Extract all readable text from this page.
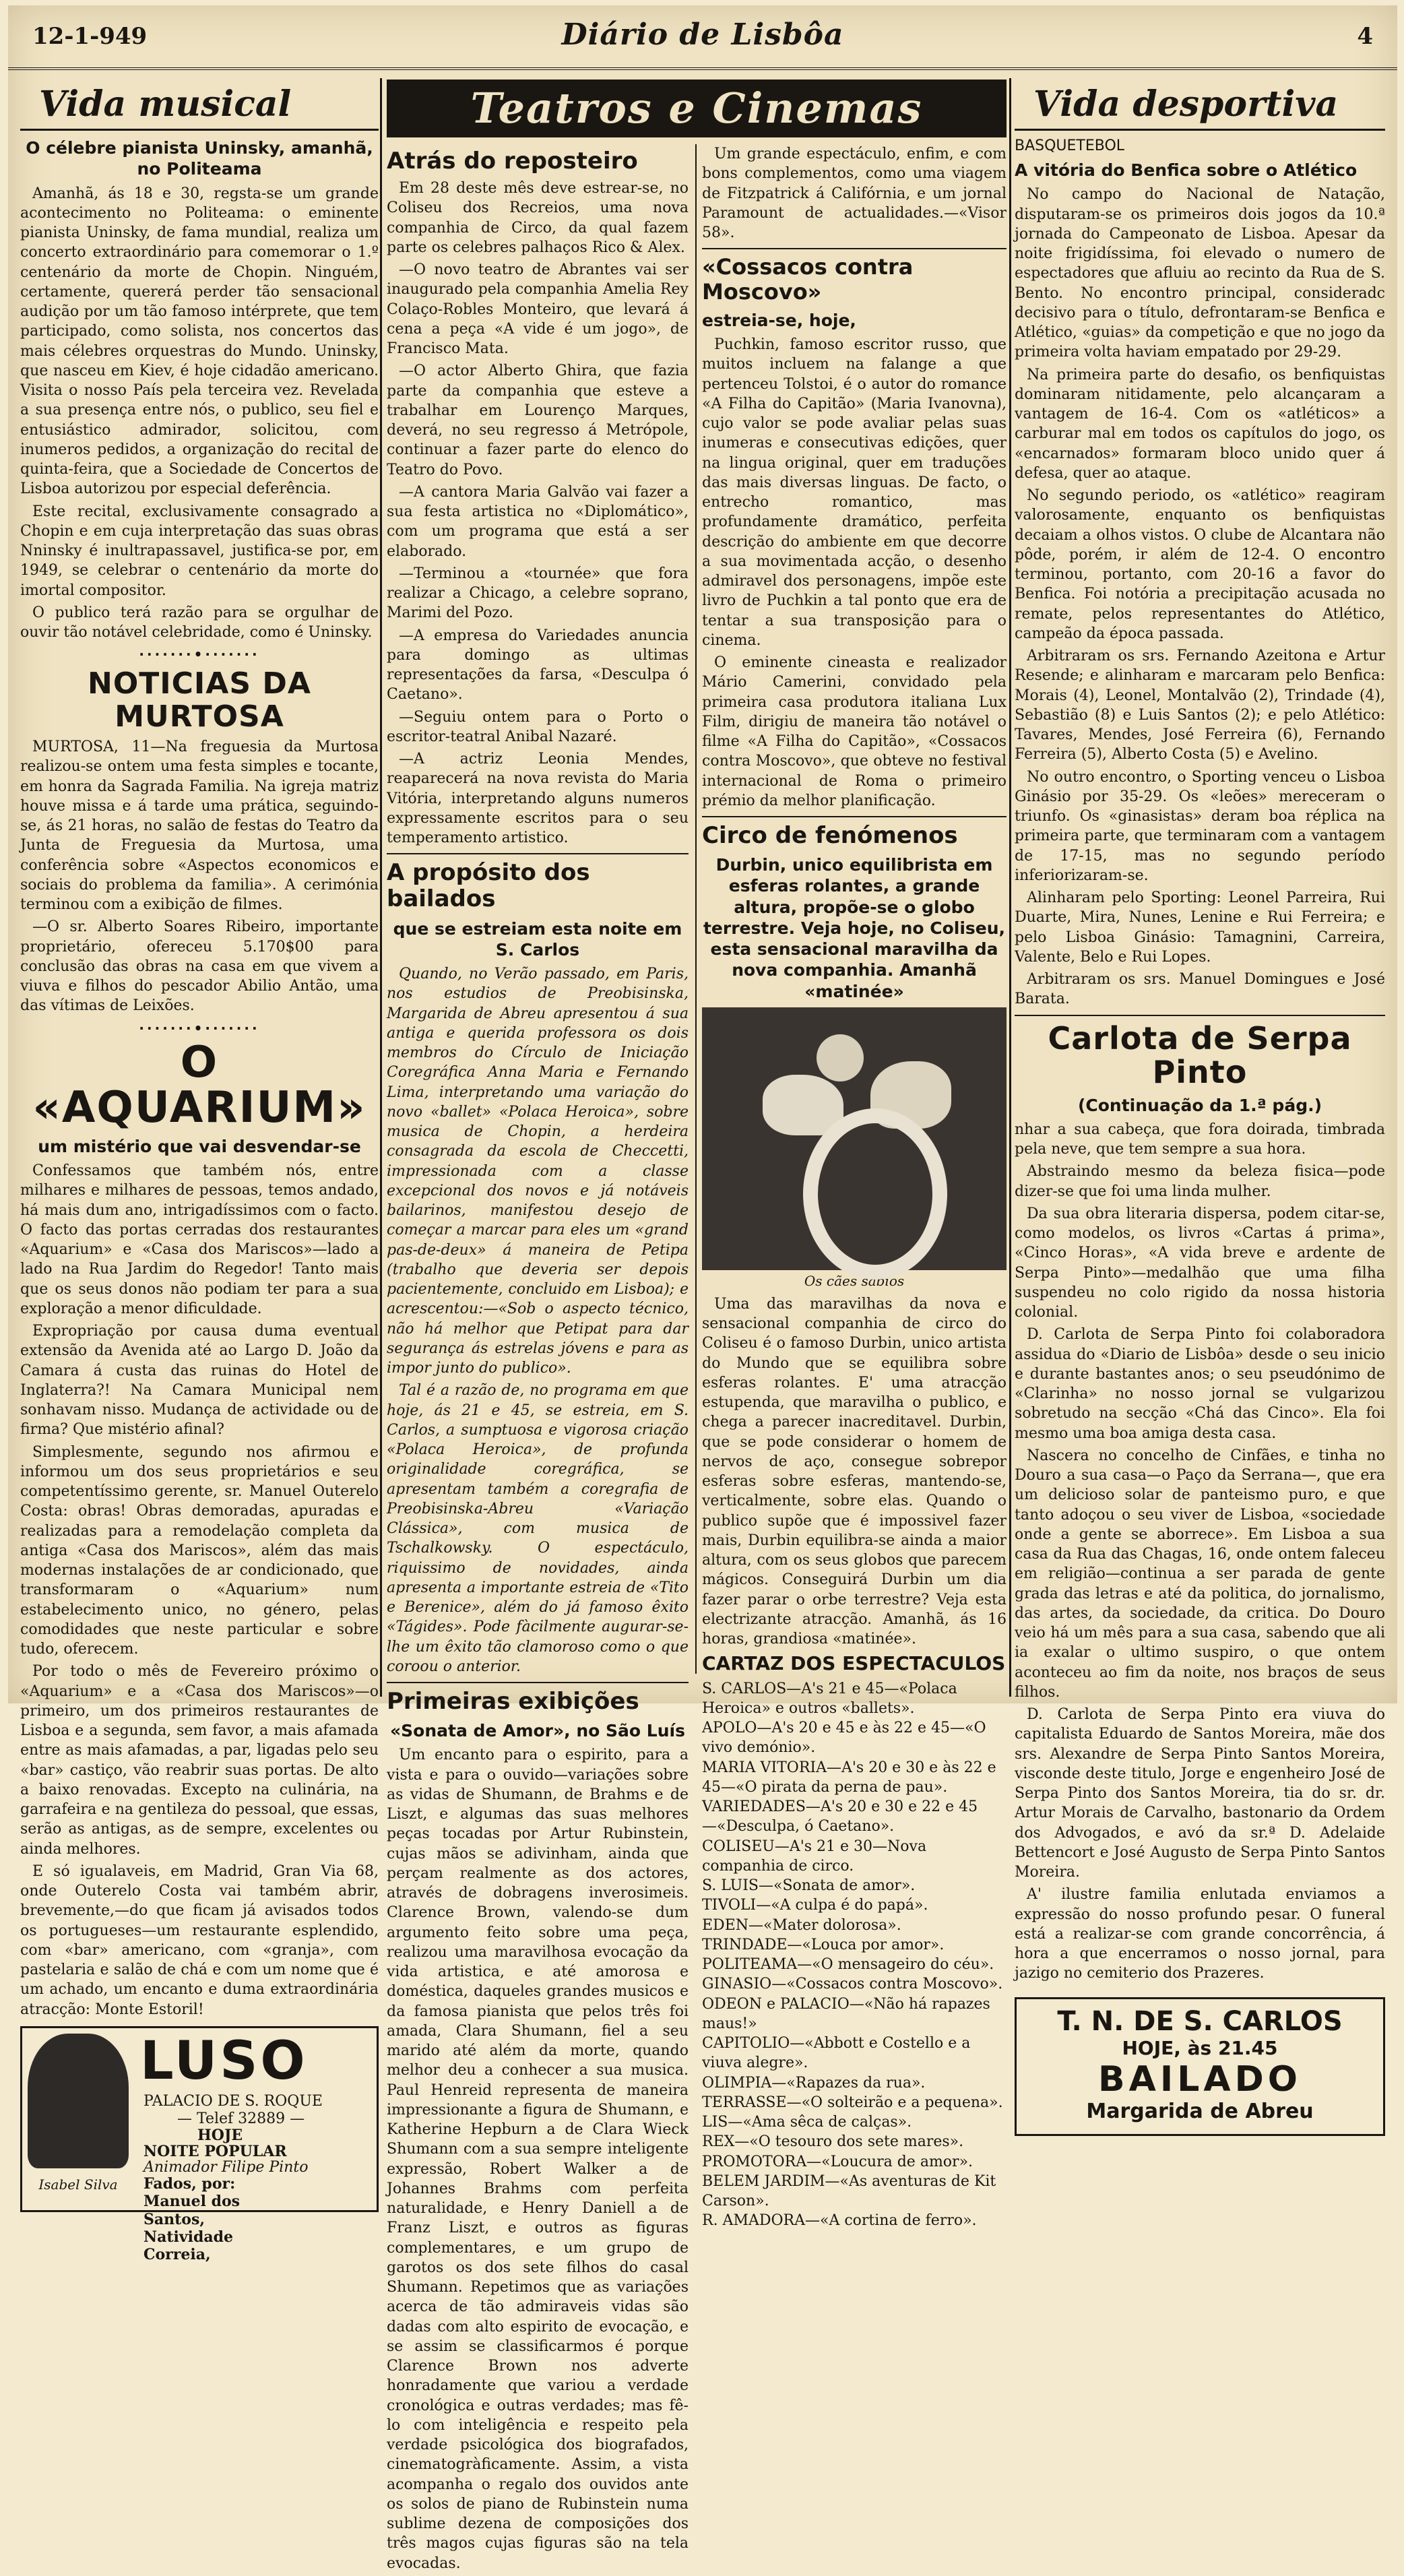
12-1-949	Diário de Lisbôa	4
Vida musical
O célebre pianista Uninsky, amanhã, no Politeama

Amanhã, ás 18 e 30, regsta-se um grande acontecimento no Politeama: o eminente pianista Uninsky, de fama mundial, realiza um concerto extraordinário para comemorar o 1.º centenário da morte de Chopin. Ninguém, certamente, quererá perder tão sensacional audição por um tão famoso intérprete, que tem participado, como solista, nos concertos das mais célebres orquestras do Mundo. Uninsky, que nasceu em Kiev, é hoje cidadão americano. Visita o nosso País pela terceira vez. Revelada a sua presença entre nós, o publico, seu fiel e entusiástico admirador, solicitou, com inumeros pedidos, a organização do recital de quinta-feira, que a Sociedade de Concertos de Lisboa autorizou por especial deferência.

Este recital, exclusivamente consagrado a Chopin e em cuja interpretação das suas obras Nninsky é inultrapassavel, justifica-se por, em 1949, se celebrar o centenário da morte do imortal compositor.

O publico terá razão para se orgulhar de ouvir tão notável celebridade, como é Uninsky.

·······•·······
NOTICIAS DA MURTOSA

MURTOSA, 11—Na freguesia da Murtosa realizou-se ontem uma festa simples e tocante, em honra da Sagrada Familia. Na igreja matriz houve missa e á tarde uma prática, seguindo-se, ás 21 horas, no salão de festas do Teatro da Junta de Freguesia da Murtosa, uma conferência sobre «Aspectos economicos e sociais do problema da familia». A cerimónia terminou com a exibição de filmes.

—O sr. Alberto Soares Ribeiro, importante proprietário, ofereceu 5.170$00 para conclusão das obras na casa em que vivem a viuva e filhos do pescador Abilio Antão, uma das vítimas de Leixões.

·······•·······
O «AQUARIUM»
um mistério que vai desvendar-se

Confessamos que também nós, entre milhares e milhares de pessoas, temos andado, há mais dum ano, intrigadíssimos com o facto. O facto das portas cerradas dos restaurantes «Aquarium» e «Casa dos Mariscos»—lado a lado na Rua Jardim do Regedor! Tanto mais que os seus donos não podiam ter para a sua exploração a menor dificuldade.

Expropriação por causa duma eventual extensão da Avenida até ao Largo D. João da Camara á custa das ruinas do Hotel de Inglaterra?! Na Camara Municipal nem sonhavam nisso. Mudança de actividade ou de firma? Que mistério afinal?

Simplesmente, segundo nos afirmou e informou um dos seus proprietários e seu competentíssimo gerente, sr. Manuel Outerelo Costa: obras! Obras demoradas, apuradas e realizadas para a remodelação completa da antiga «Casa dos Mariscos», além das mais modernas instalações de ar condicionado, que transformaram o «Aquarium» num estabelecimento unico, no género, pelas comodidades que neste particular e sobre tudo, oferecem.

Por todo o mês de Fevereiro próximo o «Aquarium» e a «Casa dos Mariscos»—o primeiro, um dos primeiros restaurantes de Lisboa e a segunda, sem favor, a mais afamada entre as mais afamadas, a par, ligadas pelo seu «bar» castiço, vão reabrir suas portas. De alto a baixo renovadas. Excepto na culinária, na garrafeira e na gentileza do pessoal, que essas, serão as antigas, as de sempre, excelentes ou ainda melhores.

E só igualaveis, em Madrid, Gran Via 68, onde Outerelo Costa vai também abrir, brevemente,—do que ficam já avisados todos os portugueses—um restaurante esplendido, com «bar» americano, com «granja», com pastelaria e salão de chá e com um nome que é um achado, um encanto e duma extraordinária atracção: Monte Estoril!

Isabel Silva
LUSO
PALACIO DE S. ROQUE
— Telef 32889 —
HOJE
NOITE POPULAR
Animador Filipe Pinto
Fados, por: Manuel dos Santos, Natividade Correia,
Teatros e Cinemas
Atrás do reposteiro

Em 28 deste mês deve estrear-se, no Coliseu dos Recreios, uma nova companhia de Circo, da qual fazem parte os celebres palhaços Rico & Alex.

—O novo teatro de Abrantes vai ser inaugurado pela companhia Amelia Rey Colaço-Robles Monteiro, que levará á cena a peça «A vide é um jogo», de Francisco Mata.

—O actor Alberto Ghira, que fazia parte da companhia que esteve a trabalhar em Lourenço Marques, deverá, no seu regresso á Metrópole, continuar a fazer parte do elenco do Teatro do Povo.

—A cantora Maria Galvão vai fazer a sua festa artistica no «Diplomático», com um programa que está a ser elaborado.

—Terminou a «tournée» que fora realizar a Chicago, a celebre soprano, Marimi del Pozo.

—A empresa do Variedades anuncia para domingo as ultimas representações da farsa, «Desculpa ó Caetano».

—Seguiu ontem para o Porto o escritor-teatral Anibal Nazaré.

—A actriz Leonia Mendes, reaparecerá na nova revista do Maria Vitória, interpretando alguns numeros expressamente escritos para o seu temperamento artistico.

A propósito dos bailados
que se estreiam esta noite em S. Carlos

Quando, no Verão passado, em Paris, nos estudios de Preobisinska, Margarida de Abreu apresentou á sua antiga e querida professora os dois membros do Círculo de Iniciação Coregráfica Anna Maria e Fernando Lima, interpretando uma variação do novo «ballet» «Polaca Heroica», sobre musica de Chopin, a herdeira consagrada da escola de Checcetti, impressionada com a classe excepcional dos novos e já notáveis bailarinos, manifestou desejo de começar a marcar para eles um «grand pas-de-deux» á maneira de Petipa (trabalho que deveria ser depois pacientemente, concluido em Lisboa); e acrescentou:—«Sob o aspecto técnico, não há melhor que Petipat para dar segurança ás estrelas jóvens e para as impor junto do publico».

Tal é a razão de, no programa em que hoje, ás 21 e 45, se estreia, em S. Carlos, a sumptuosa e vigorosa criação «Polaca Heroica», de profunda originalidade coregráfica, se apresentam também a coregrafia de Preobisinska-Abreu «Variação Clássica», com musica de Tschalkowsky. O espectáculo, riquissimo de novidades, ainda apresenta a importante estreia de «Tito e Berenice», além do já famoso êxito «Tágides». Pode fàcilmente augurar-se-lhe um êxito tão clamoroso como o que coroou o anterior.

Primeiras exibições
«Sonata de Amor», no São Luís

Um encanto para o espirito, para a vista e para o ouvido—variações sobre as vidas de Shumann, de Brahms e de Liszt, e algumas das suas melhores peças tocadas por Artur Rubinstein, cujas mãos se adivinham, ainda que perçam realmente as dos actores, através de dobragens inverosimeis. Clarence Brown, valendo-se dum argumento feito sobre uma peça, realizou uma maravilhosa evocação da vida artistica, e até amorosa e doméstica, daqueles grandes musicos e da famosa pianista que pelos três foi amada, Clara Shumann, fiel a seu marido até além da morte, quando melhor deu a conhecer a sua musica. Paul Henreid representa de maneira impressionante a figura de Shumann, e Katherine Hepburn a de Clara Wieck Shumann com a sua sempre inteligente expressão, Robert Walker a de Johannes Brahms com perfeita naturalidade, e Henry Daniell a de Franz Liszt, e outros as figuras complementares, e um grupo de garotos os dos sete filhos do casal Shumann. Repetimos que as variações acerca de tão admiraveis vidas são dadas com alto espirito de evocação, e se assim se classificarmos é porque Clarence Brown nos adverte honradamente que variou a verdade cronológica e outras verdades; mas fê-lo com inteligência e respeito pela verdade psicológica dos biografados, cinematogràficamente. Assim, a vista acompanha o regalo dos ouvidos ante os solos de piano de Rubinstein numa sublime dezena de composições dos três magos cujas figuras são na tela evocadas.

Um grande espectáculo, enfim, e com bons complementos, como uma viagem de Fitzpatrick á Califórnia, e um jornal Paramount de actualidades.—«Visor 58».

«Cossacos contra Moscovo»
estreia-se, hoje,

Puchkin, famoso escritor russo, que muitos incluem na falange a que pertenceu Tolstoi, é o autor do romance «A Filha do Capitão» (Maria Ivanovna), cujo valor se pode avaliar pelas suas inumeras e consecutivas edições, quer na lingua original, quer em traduções das mais diversas linguas. De facto, o entrecho romantico, mas profundamente dramático, perfeita descrição do ambiente em que decorre a sua movimentada acção, o desenho admiravel dos personagens, impõe este livro de Puchkin a tal ponto que era de tentar a sua transposição para o cinema.

O eminente cineasta e realizador Mário Camerini, convidado pela primeira casa produtora italiana Lux Film, dirigiu de maneira tão notável o filme «A Filha do Capitão», «Cossacos contra Moscovo», que obteve no festival internacional de Roma o primeiro prémio da melhor planificação.

Circo de fenómenos
Durbin, unico equilibrista em esferas rolantes, a grande altura, propõe-se o globo terrestre. Veja hoje, no Coliseu, esta sensacional maravilha da nova companhia. Amanhã «matinée»
Os cães sábios

Uma das maravilhas da nova e sensacional companhia de circo do Coliseu é o famoso Durbin, unico artista do Mundo que se equilibra sobre esferas rolantes. E' uma atracção estupenda, que maravilha o publico, e chega a parecer inacreditavel. Durbin, que se pode considerar o homem de nervos de aço, consegue sobrepor esferas sobre esferas, mantendo-se, verticalmente, sobre elas. Quando o publico supõe que é impossivel fazer mais, Durbin equilibra-se ainda a maior altura, com os seus globos que parecem mágicos. Conseguirá Durbin um dia fazer parar o orbe terrestre? Veja esta electrizante atracção. Amanhã, ás 16 horas, grandiosa «matinée».

CARTAZ DOS ESPECTACULOS
S. CARLOS—A's 21 e 45—«Polaca Heroica» e outros «ballets».
APOLO—A's 20 e 45 e às 22 e 45—«O vivo demónio».
MARIA VITORIA—A's 20 e 30 e às 22 e 45—«O pirata da perna de pau».
VARIEDADES—A's 20 e 30 e 22 e 45—«Desculpa, ó Caetano».
COLISEU—A's 21 e 30—Nova companhia de circo.
S. LUIS—«Sonata de amor».
TIVOLI—«A culpa é do papá».
EDEN—«Mater dolorosa».
TRINDADE—«Louca por amor».
POLITEAMA—«O mensageiro do céu».
GINASIO—«Cossacos contra Moscovo».
ODEON e PALACIO—«Não há rapazes maus!»
CAPITOLIO—«Abbott e Costello e a viuva alegre».
OLIMPIA—«Rapazes da rua».
TERRASSE—«O solteirão e a pequena».
LIS—«Ama sêca de calças».
REX—«O tesouro dos sete mares».
PROMOTORA—«Loucura de amor».
BELEM JARDIM—«As aventuras de Kit Carson».
R. AMADORA—«A cortina de ferro».
Vida desportiva
BASQUETEBOL
A vitória do Benfica sobre o Atlético

No campo do Nacional de Natação, disputaram-se os primeiros dois jogos da 10.ª jornada do Campeonato de Lisboa. Apesar da noite frigidíssima, foi elevado o numero de espectadores que afluiu ao recinto da Rua de S. Bento. No encontro principal, consideradc decisivo para o título, defrontaram-se Benfica e Atlético, «guias» da competição e que no jogo da primeira volta haviam empatado por 29-29.

Na primeira parte do desafio, os benfiquistas dominaram nitidamente, pelo alcançaram a vantagem de 16-4. Com os «atléticos» a carburar mal em todos os capítulos do jogo, os «encarnados» formaram bloco unido quer á defesa, quer ao ataque.

No segundo periodo, os «atlético» reagiram valorosamente, enquanto os benfiquistas decaiam a olhos vistos. O clube de Alcantara não pôde, porém, ir além de 12-4. O encontro terminou, portanto, com 20-16 a favor do Benfica. Foi notória a precipitação acusada no remate, pelos representantes do Atlético, campeão da época passada.

Arbitraram os srs. Fernando Azeitona e Artur Resende; e alinharam e marcaram pelo Benfica: Morais (4), Leonel, Montalvão (2), Trindade (4), Sebastião (8) e Luis Santos (2); e pelo Atlético: Tavares, Mendes, José Ferreira (6), Fernando Ferreira (5), Alberto Costa (5) e Avelino.

No outro encontro, o Sporting venceu o Lisboa Ginásio por 35-29. Os «leões» mereceram o triunfo. Os «ginasistas» deram boa réplica na primeira parte, que terminaram com a vantagem de 17-15, mas no segundo período inferiorizaram-se.

Alinharam pelo Sporting: Leonel Parreira, Rui Duarte, Mira, Nunes, Lenine e Rui Ferreira; e pelo Lisboa Ginásio: Tamagnini, Carreira, Valente, Belo e Rui Lopes.

Arbitraram os srs. Manuel Domingues e José Barata.

Carlota de Serpa Pinto
(Continuação da 1.ª pág.)

nhar a sua cabeça, que fora doirada, timbrada pela neve, que tem sempre a sua hora.

Abstraindo mesmo da beleza fisica—pode dizer-se que foi uma linda mulher.

Da sua obra literaria dispersa, podem citar-se, como modelos, os livros «Cartas á prima», «Cinco Horas», «A vida breve e ardente de Serpa Pinto»—medalhão que uma filha suspendeu no colo rigido da nossa historia colonial.

D. Carlota de Serpa Pinto foi colaboradora assidua do «Diario de Lisbôa» desde o seu inicio e durante bastantes anos; o seu pseudónimo de «Clarinha» no nosso jornal se vulgarizou sobretudo na secção «Chá das Cinco». Ela foi mesmo uma boa amiga desta casa.

Nascera no concelho de Cinfães, e tinha no Douro a sua casa—o Paço da Serrana—, que era um delicioso solar de panteismo puro, e que tanto adoçou o seu viver de Lisboa, «sociedade onde a gente se aborrece». Em Lisboa a sua casa da Rua das Chagas, 16, onde ontem faleceu em religião—continua a ser parada de gente grada das letras e até da politica, do jornalismo, das artes, da sociedade, da critica. Do Douro veio há um mês para a sua casa, sabendo que ali ia exalar o ultimo suspiro, o que ontem aconteceu ao fim da noite, nos braços de seus filhos.

D. Carlota de Serpa Pinto era viuva do capitalista Eduardo de Santos Moreira, mãe dos srs. Alexandre de Serpa Pinto Santos Moreira, visconde deste titulo, Jorge e engenheiro José de Serpa Pinto dos Santos Moreira, tia do sr. dr. Artur Morais de Carvalho, bastonario da Ordem dos Advogados, e avó da sr.ª D. Adelaide Bettencort e José Augusto de Serpa Pinto Santos Moreira.

A' ilustre familia enlutada enviamos a expressão do nosso profundo pesar. O funeral está a realizar-se com grande concorrência, á hora a que encerramos o nosso jornal, para jazigo no cemiterio dos Prazeres.

T. N. DE S. CARLOS
HOJE, às 21.45
BAILADO
Margarida de Abreu
